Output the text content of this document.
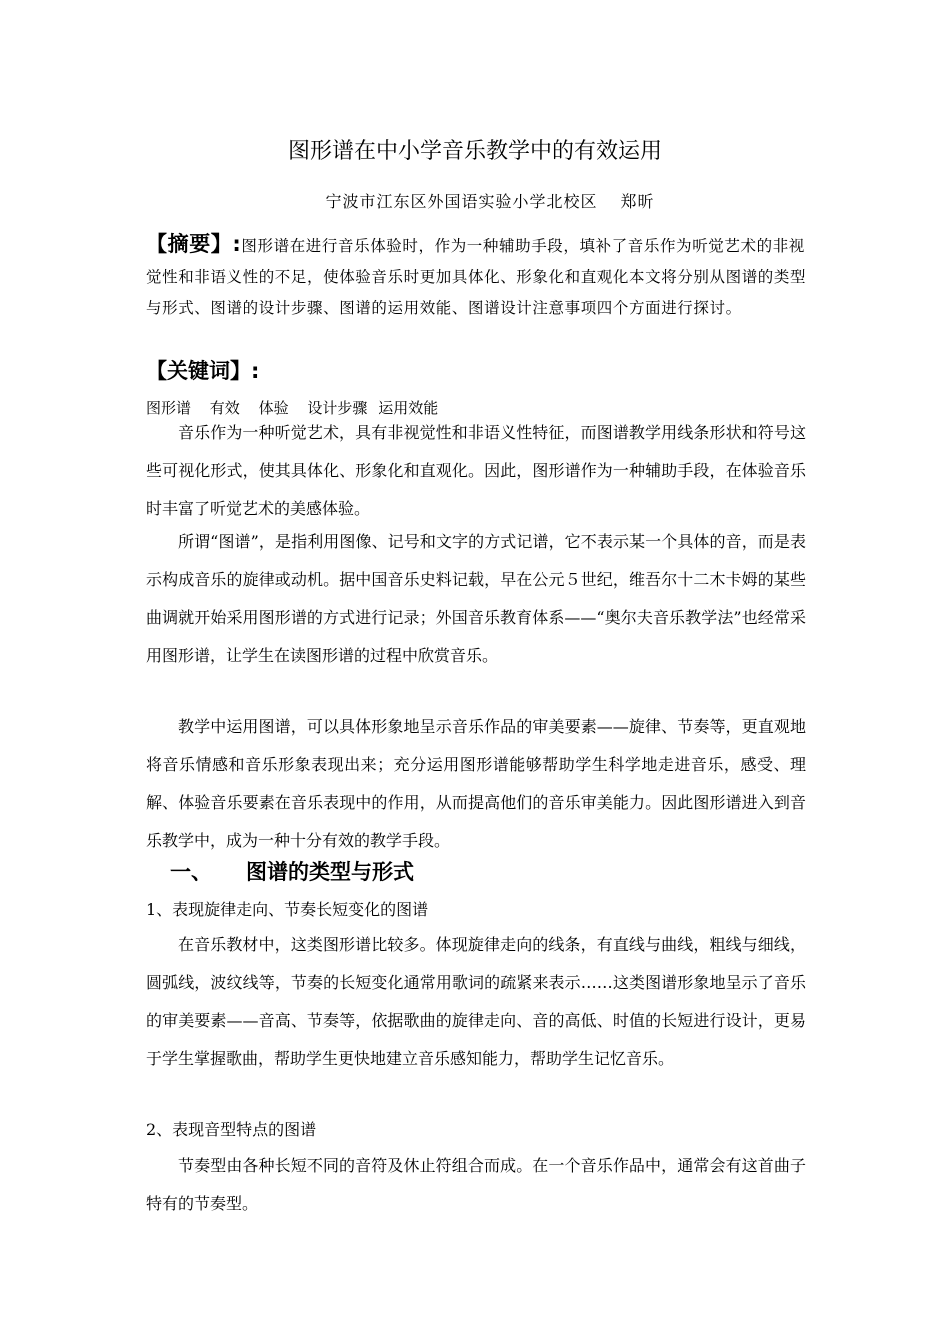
图形谱在中小学音乐教学中的有效运用
宁波市江东区外国语实验小学北校区　 郑昕
【摘要】:图形谱在进行音乐体验时，作为一种辅助手段，填补了音乐作为听觉艺术的非视觉性和非语义性的不足，使体验音乐时更加具体化、形象化和直观化本文将分别从图谱的类型与形式、图谱的设计步骤、图谱的运用效能、图谱设计注意事项四个方面进行探讨。
【关键词】:
图形谱 有效 体验 设计步骤 运用效能
音乐作为一种听觉艺术，具有非视觉性和非语义性特征，而图谱教学用线条形状和符号这些可视化形式，使其具体化、形象化和直观化。因此，图形谱作为一种辅助手段，在体验音乐时丰富了听觉艺术的美感体验。
所谓“图谱”，是指利用图像、记号和文字的方式记谱，它不表示某一个具体的音，而是表示构成音乐的旋律或动机。据中国音乐史料记载，早在公元５世纪，维吾尔十二木卡姆的某些曲调就开始采用图形谱的方式进行记录；外国音乐教育体系——“奥尔夫音乐教学法”也经常采用图形谱，让学生在读图形谱的过程中欣赏音乐。
教学中运用图谱，可以具体形象地呈示音乐作品的审美要素——旋律、节奏等，更直观地将音乐情感和音乐形象表现出来；充分运用图形谱能够帮助学生科学地走进音乐，感受、理解、体验音乐要素在音乐表现中的作用，从而提高他们的音乐审美能力。因此图形谱进入到音乐教学中，成为一种十分有效的教学手段。
一、 图谱的类型与形式
1、表现旋律走向、节奏长短变化的图谱
在音乐教材中，这类图形谱比较多。体现旋律走向的线条，有直线与曲线，粗线与细线，圆弧线，波纹线等，节奏的长短变化通常用歌词的疏紧来表示……这类图谱形象地呈示了音乐的审美要素——音高、节奏等，依据歌曲的旋律走向、音的高低、时值的长短进行设计，更易于学生掌握歌曲，帮助学生更快地建立音乐感知能力，帮助学生记忆音乐。
2、表现音型特点的图谱
节奏型由各种长短不同的音符及休止符组合而成。在一个音乐作品中，通常会有这首曲子特有的节奏型。
